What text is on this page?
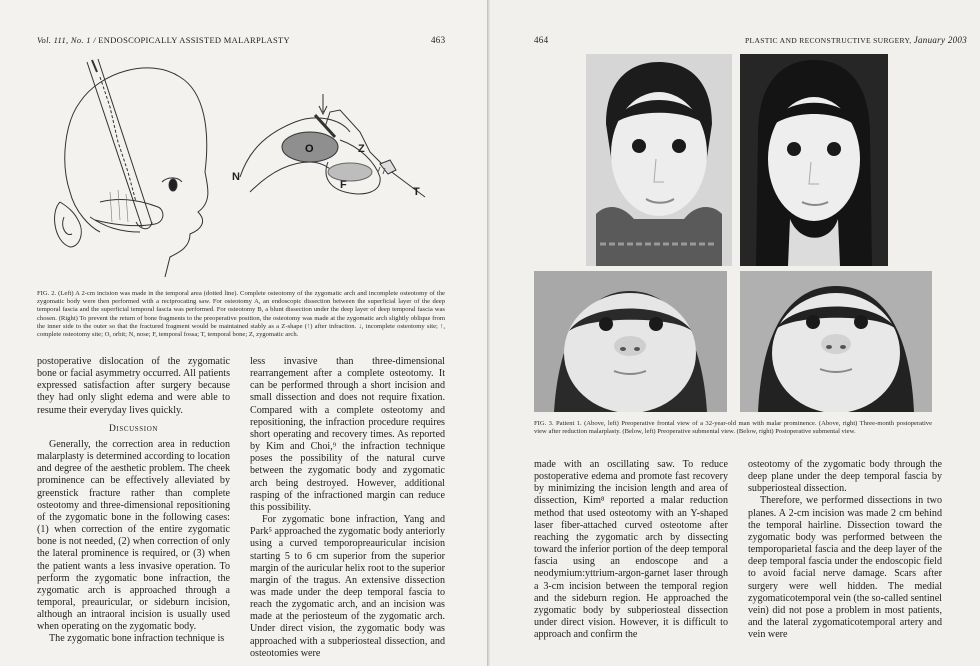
Vol. 111, No. 1 / ENDOSCOPICALLY ASSISTED MALARPLASTY	463
N
O	Z
F
T
FIG. 2. (Left) A 2-cm incision was made in the temporal area (dotted line). Complete osteotomy of the zygomatic arch and incomplete osteotomy of the zygomatic body were then performed with a reciprocating saw. For osteotomy A, an endoscopic dissection between the superficial layer of the deep temporal fascia and the superficial temporal fascia was performed. For osteotomy B, a blunt dissection under the deep layer of deep temporal fascia was chosen. (Right) To prevent the return of bone fragments to the preoperative position, the osteotomy was made at the zygomatic arch slightly oblique from the inner side to the outer so that the fractured fragment would be maintained stably as a Z-shape (↑) after infraction. ↓, incomplete osteotomy site; ↑, complete osteotomy site; O, orbit; N, nose; F, temporal fossa; T, temporal bone; Z, zygomatic arch.

postoperative dislocation of the zygomatic bone or facial asymmetry occurred. All patients expressed satisfaction after surgery because they had only slight edema and were able to resume their everyday lives quickly.

Discussion

Generally, the correction area in reduction malarplasty is determined according to location and degree of the aesthetic problem. The cheek prominence can be effectively alleviated by greenstick fracture rather than complete osteotomy and three-dimensional repositioning of the zygomatic bone in the following cases: (1) when correction of the entire zygomatic bone is not needed, (2) when correction of only the lateral prominence is required, or (3) when the patient wants a less invasive operation. To perform the zygomatic bone infraction, the zygomatic arch is approached through a temporal, preauricular, or sideburn incision, although an intraoral incision is usually used when operating on the zygomatic body.

The zygomatic bone infraction technique is

less invasive than three-dimensional rearrangement after a complete osteotomy. It can be performed through a short incision and small dissection and does not require fixation. Compared with a complete osteotomy and repositioning, the infraction procedure requires short operating and recovery times. As reported by Kim and Choi,⁹ the infraction technique poses the possibility of the natural curve between the zygomatic body and zygomatic arch being destroyed. However, additional rasping of the infractioned margin can reduce this possibility.

For zygomatic bone infraction, Yang and Park⁵ approached the zygomatic body anteriorly using a curved temporopreauricular incision starting 5 to 6 cm superior from the superior margin of the auricular helix root to the superior margin of the tragus. An extensive dissection was made under the deep temporal fascia to reach the zygomatic arch, and an incision was made at the periosteum of the zygomatic arch. Under direct vision, the zygomatic body was approached with a subperiosteal dissection, and osteotomies were

464	PLASTIC AND RECONSTRUCTIVE SURGERY, January 2003
FIG. 3. Patient 1. (Above, left) Preoperative frontal view of a 32-year-old man with malar prominence. (Above, right) Three-month postoperative view after reduction malarplasty. (Below, left) Preoperative submental view. (Below, right) Postoperative submental view.

made with an oscillating saw. To reduce postoperative edema and promote fast recovery by minimizing the incision length and area of dissection, Kim⁸ reported a malar reduction method that used osteotomy with an Y-shaped laser fiber-attached curved osteotome after reaching the zygomatic arch by dissecting toward the inferior portion of the deep temporal fascia using an endoscope and a neodymium:yttrium-argon-garnet laser through a 3-cm incision between the temporal region and the sideburn region. He approached the zygomatic body by subperiosteal dissection under direct vision. However, it is difficult to approach and confirm the

osteotomy of the zygomatic body through the deep plane under the deep temporal fascia by subperiosteal dissection.

Therefore, we performed dissections in two planes. A 2-cm incision was made 2 cm behind the temporal hairline. Dissection toward the zygomatic body was performed between the temporoparietal fascia and the deep layer of the deep temporal fascia under the endoscopic field to avoid facial nerve damage. Scars after surgery were well hidden. The medial zygomaticotemporal vein (the so-called sentinel vein) did not pose a problem in most patients, and the lateral zygomaticotemporal artery and vein were
